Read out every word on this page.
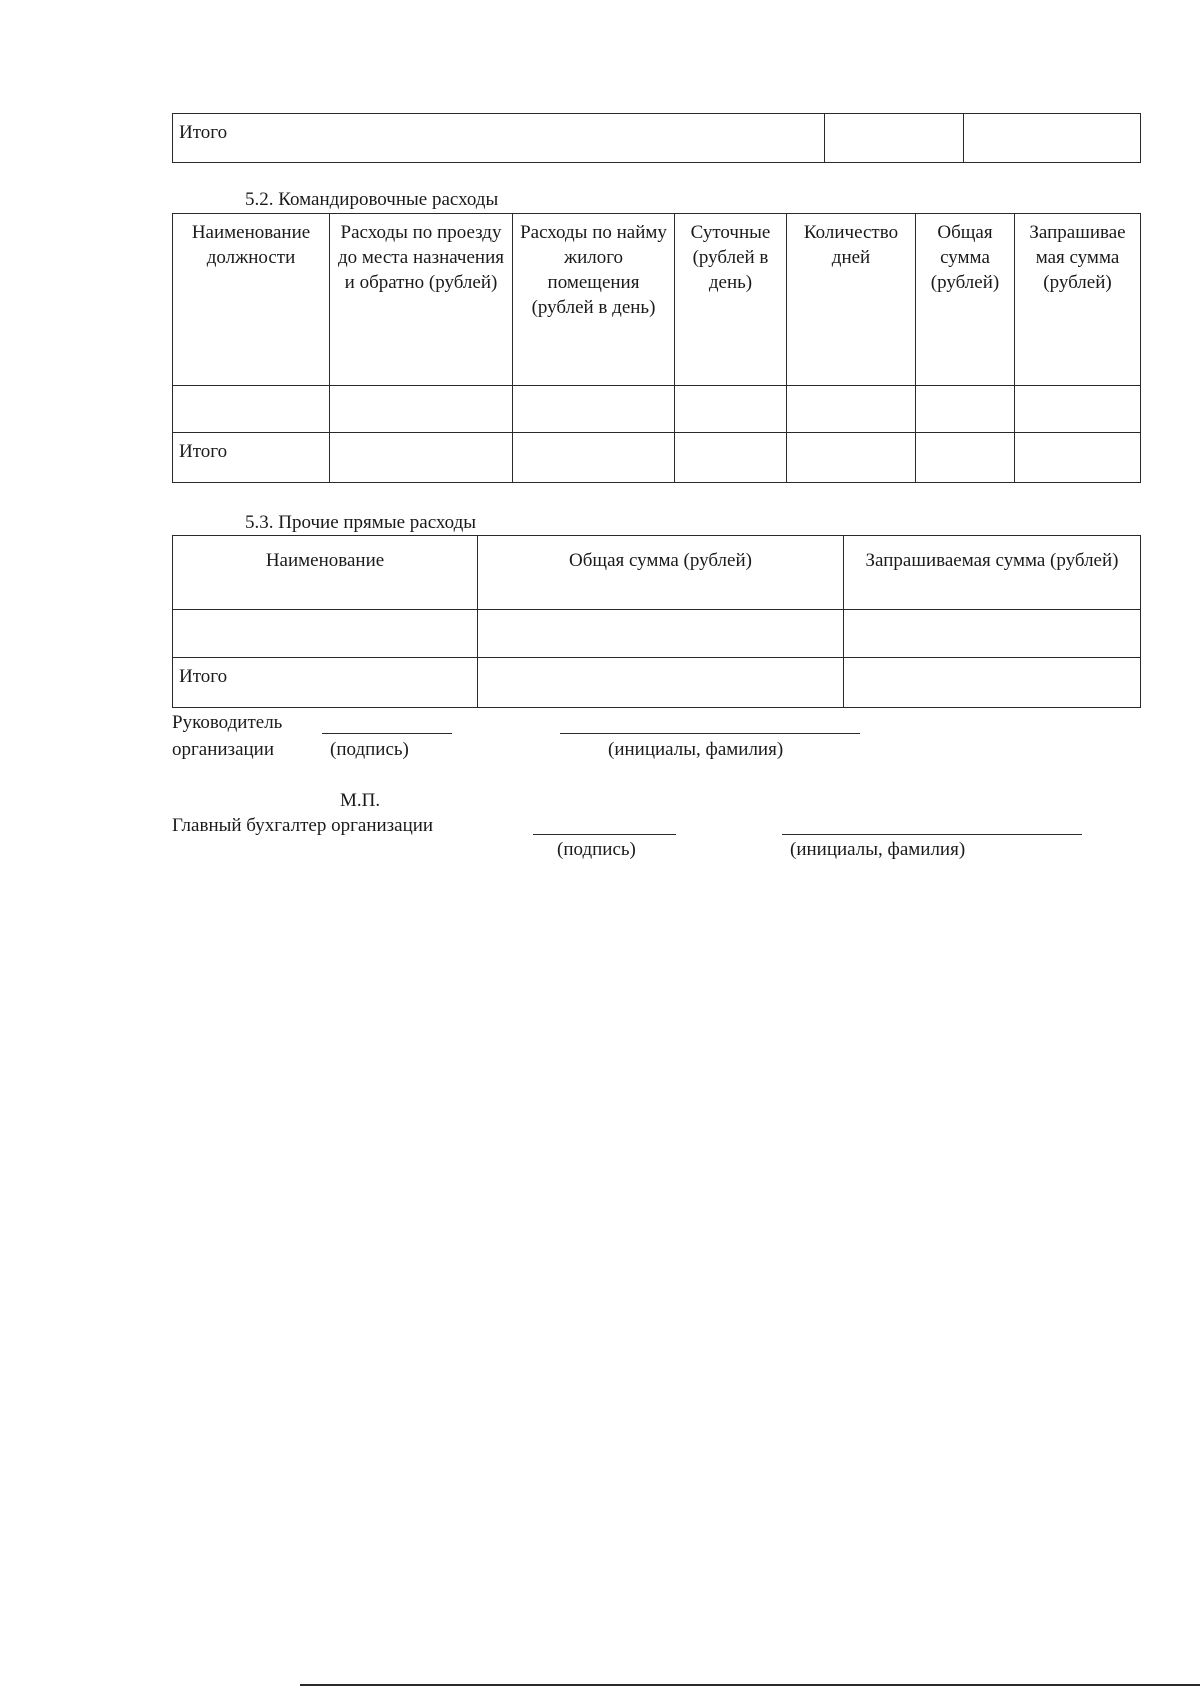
Итого		
5.2. Командировочные расходы
Наименование должности	Расходы по проезду до места назначения и обратно (рублей)	Расходы по найму жилого помещения (рублей в день)	Суточные (рублей в день)	Количество дней	Общая сумма (рублей)	Запрашивае мая сумма (рублей)

Итого						
5.3. Прочие прямые расходы
Наименование	Общая сумма (рублей)	Запрашиваемая сумма (рублей)

Итого		
Руководитель
организации	(подпись)	(инициалы, фамилия)
М.П.
Главный бухгалтер организации
(подпись)	(инициалы, фамилия)
